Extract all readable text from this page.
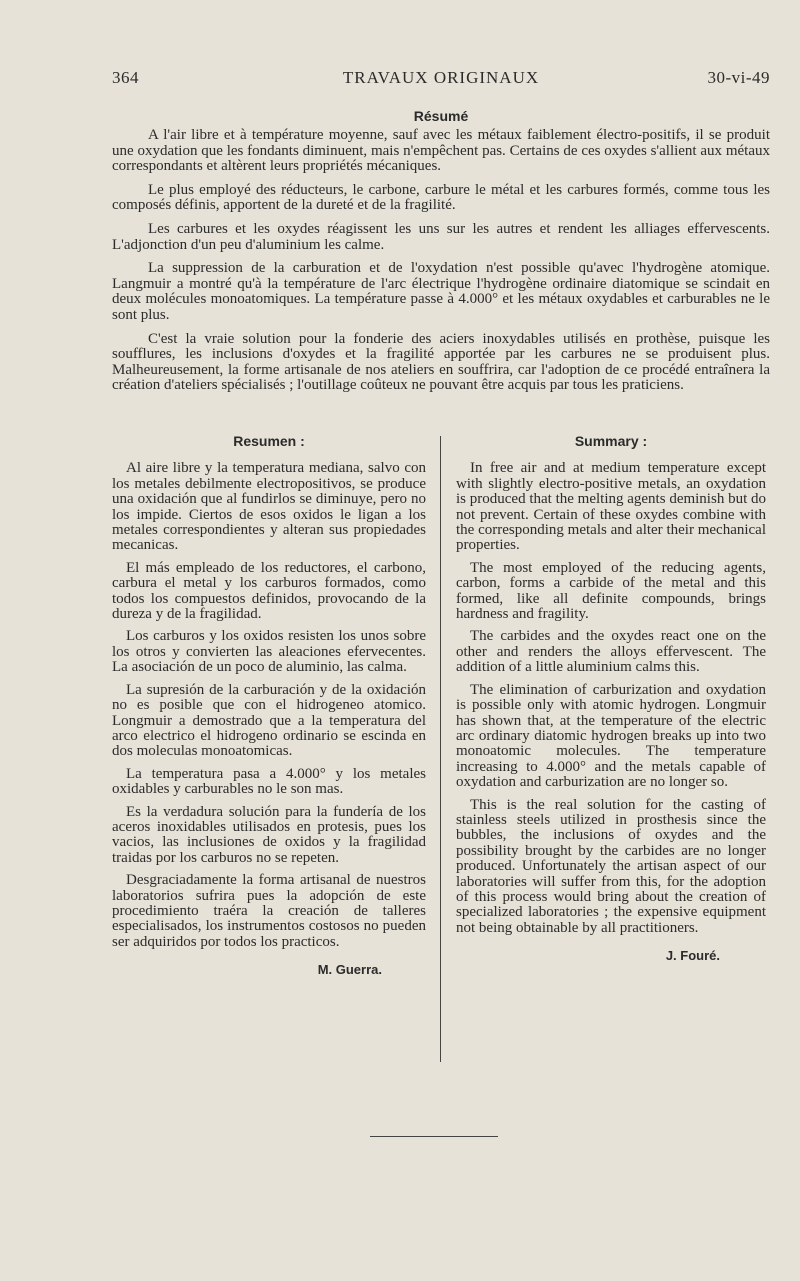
364	TRAVAUX ORIGINAUX	30-vi-49
Résumé

A l'air libre et à température moyenne, sauf avec les métaux faiblement électro-positifs, il se produit une oxydation que les fondants diminuent, mais n'empêchent pas. Certains de ces oxydes s'allient aux métaux correspondants et altèrent leurs propriétés mécaniques.

Le plus employé des réducteurs, le carbone, carbure le métal et les carbures formés, comme tous les composés définis, apportent de la dureté et de la fragilité.

Les carbures et les oxydes réagissent les uns sur les autres et rendent les alliages effervescents. L'adjonction d'un peu d'aluminium les calme.

La suppression de la carburation et de l'oxydation n'est possible qu'avec l'hydrogène atomique. Langmuir a montré qu'à la température de l'arc électrique l'hydrogène ordinaire diatomique se scindait en deux molécules monoatomiques. La température passe à 4.000° et les métaux oxydables et carburables ne le sont plus.

C'est la vraie solution pour la fonderie des aciers inoxydables utilisés en prothèse, puisque les soufflures, les inclusions d'oxydes et la fragilité apportée par les carbures ne se produisent plus. Malheureusement, la forme artisanale de nos ateliers en souffrira, car l'adoption de ce procédé entraînera la création d'ateliers spécialisés ; l'outillage coûteux ne pouvant être acquis par tous les praticiens.

Resumen :

Al aire libre y la temperatura mediana, salvo con los metales debilmente electropositivos, se produce una oxidación que al fundirlos se diminuye, pero no los impide. Ciertos de esos oxidos le ligan a los metales correspondientes y alteran sus propiedades mecanicas.

El más empleado de los reductores, el carbono, carbura el metal y los carburos formados, como todos los compuestos definidos, provocando de la dureza y de la fragilidad.

Los carburos y los oxidos resisten los unos sobre los otros y convierten las aleaciones efervecentes. La asociación de un poco de aluminio, las calma.

La supresión de la carburación y de la oxidación no es posible que con el hidrogeneo atomico. Longmuir a demostrado que a la temperatura del arco electrico el hidrogeno ordinario se escinda en dos moleculas monoatomicas.

La temperatura pasa a 4.000° y los metales oxidables y carburables no le son mas.

Es la verdadura solución para la fundería de los aceros inoxidables utilisados en protesis, pues los vacios, las inclusiones de oxidos y la fragilidad traidas por los carburos no se repeten.

Desgraciadamente la forma artisanal de nuestros laboratorios sufrira pues la adopción de este procedimiento traéra la creación de talleres especialisados, los instrumentos costosos no pueden ser adquiridos por todos los practicos.

M. Guerra.

Summary :

In free air and at medium temperature except with slightly electro-positive metals, an oxydation is produced that the melting agents deminish but do not prevent. Certain of these oxydes combine with the corresponding metals and alter their mechanical properties.

The most employed of the reducing agents, carbon, forms a carbide of the metal and this formed, like all definite compounds, brings hardness and fragility.

The carbides and the oxydes react one on the other and renders the alloys effervescent. The addition of a little aluminium calms this.

The elimination of carburization and oxydation is possible only with atomic hydrogen. Longmuir has shown that, at the temperature of the electric arc ordinary diatomic hydrogen breaks up into two monoatomic molecules. The temperature increasing to 4.000° and the metals capable of oxydation and carburization are no longer so.

This is the real solution for the casting of stainless steels utilized in prosthesis since the bubbles, the inclusions of oxydes and the possibility brought by the carbides are no longer produced. Unfortunately the artisan aspect of our laboratories will suffer from this, for the adoption of this process would bring about the creation of specialized laboratories ; the expensive equipment not being obtainable by all practitioners.

J. Fouré.
